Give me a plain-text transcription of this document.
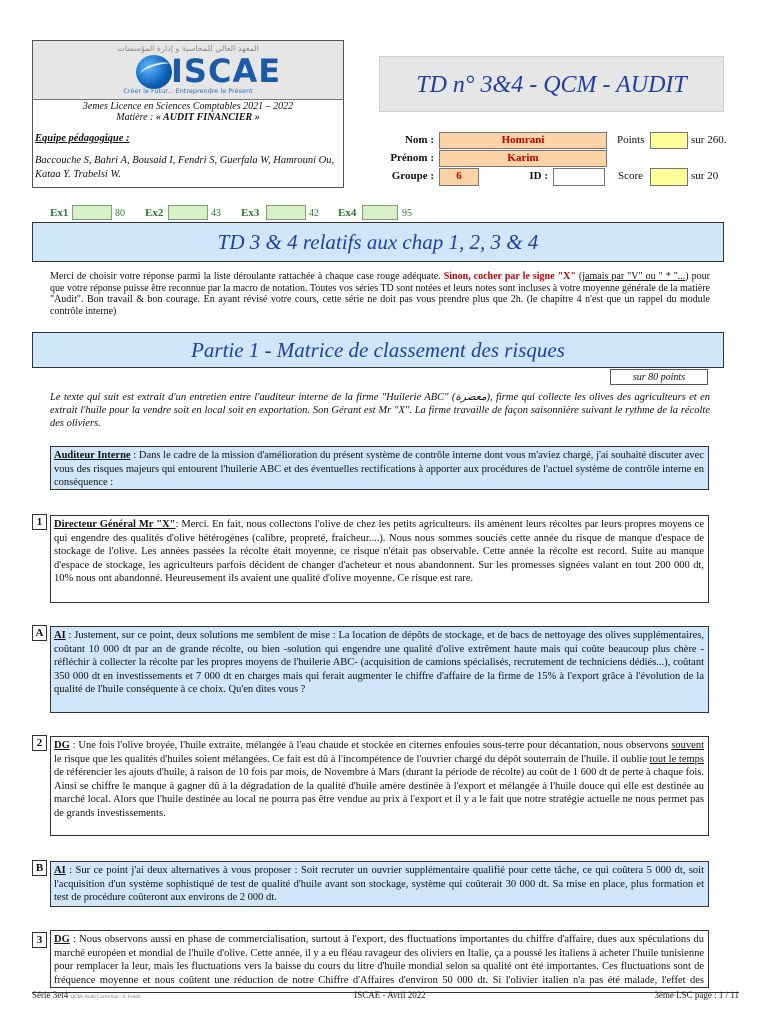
المعهد العالي للمحاسبة و إدارة المؤسسات
ISCAE
Créer le Futur... Entreprendre le Présent
3emes Licence en Sciences Comptables 2021 – 2022
Matière : « AUDIT FINANCIER »
Equipe pédagogique :
Baccouche S, Bahri A, Bousaid I, Fendri S, Guerfala W, Hamrouni Ou, Kataa Y. Trabelsi W.
TD n° 3&4 - QCM - AUDIT
Nom :	Homrani
Prénom :	Karim
Groupe :	6	ID :
Points	sur 260.
Score	sur 20
Ex1	80 Ex2	43 Ex3	42 Ex4	95
TD 3 & 4 relatifs aux chap 1, 2, 3 & 4
Merci de choisir votre réponse parmi la liste déroulante rattachée à chaque case rouge adéquate. Sinon, cocher par le signe "X" (jamais par "V" ou " * "...) pour que votre réponse puisse être reconnue par la macro de notation. Toutes vos séries TD sont notées et leurs notes sont incluses à votre moyenne générale de la matière "Audit". Bon travail & bon courage. En ayant révisé votre cours, cette série ne doit pas vous prendre plus que 2h. (le chapitre 4 n'est que un rappel du module contrôle interne)
Partie 1 - Matrice de classement des risques
sur 80 points
Le texte qui suit est extrait d'un entretien entre l'auditeur interne de la firme "Huilerie ABC" (معصرة), firme qui collecte les olives des agriculteurs et en extrait l'huile pour la vendre soit en local soit en exportation. Son Gérant est Mr "X". La firme travaille de façon saisonnière suivant le rythme de la récolte des oliviers.
Auditeur Interne : Dans le cadre de la mission d'amélioration du présent système de contrôle interne dont vous m'aviez chargé, j'ai souhaité discuter avec vous des risques majeurs qui entourent l'huilerie ABC et des éventuelles rectifications à apporter aux procédures de l'actuel système de contrôle interne en conséquence :
1	Directeur Général Mr "X": Merci. En fait, nous collectons l'olive de chez les petits agriculteurs. ils amènent leurs récoltes par leurs propres moyens ce qui engendre des qualités d'olive hétérogènes (calibre, propreté, fraicheur....). Nous nous sommes souciés cette année du risque de manque d'espace de stockage de l'olive. Les années passées la récolte était moyenne, ce risque n'était pas observable. Cette année la récolte est record. Suite au manque d'espace de stockage, les agriculteurs parfois décident de changer d'acheteur et nous abandonnent. Sur les promesses signées valant en tout 200 000 dt, 10% nous ont abandonné. Heureusement ils avaient une qualité d'olive moyenne. Ce risque est rare.
A	AI : Justement, sur ce point, deux solutions me semblent de mise : La location de dépôts de stockage, et de bacs de nettoyage des olives supplémentaires, coûtant 10 000 dt par an de grande récolte, ou bien -solution qui engendre une qualité d'olive extrêment haute mais qui coûte beaucoup plus chère - réfléchir à collecter la récolte par les propres moyens de l'huilerie ABC- (acquisition de camions spécialisés, recrutement de techniciens dédiés...), coûtant 350 000 dt en investissements et 7 000 dt en charges mais qui ferait augmenter le chiffre d'affaire de la firme de 15% à l'export grâce à l'évolution de la qualité de l'huile conséquente à ce choix. Qu'en dites vous ?
2	DG : Une fois l'olive broyée, l'huile extraite, mélangée à l'eau chaude et stockée en citernes enfouies sous-terre pour décantation, nous observons souvent le risque que les qualités d'huiles soient mélangées. Ce fait est dû à l'incompétence de l'ouvrier chargé du dépôt souterrain de l'huile. il oublie tout le temps de référencier les ajouts d'huile, à raison de 10 fois par mois, de Novembre à Mars (durant la période de récolte) au coût de 1 600 dt de perte à chaque fois. Ainsi se chiffre le manque à gagner dû à la dégradation de la qualité d'huile amère destinée à l'export et mélangée à l'huile douce qui elle est destinée au marché local. Alors que l'huile destinée au local ne pourra pas être vendue au prix à l'export et il y a le fait que notre stratégie actuelle ne nous permet pas de grands investissements.
B	AI : Sur ce point j'ai deux alternatives à vous proposer : Soit recruter un ouvrier supplémentaire qualifié pour cette tâche, ce qui coûtera 5 000 dt, soit l'acquisition d'un système sophistiqué de test de qualité d'huile avant son stockage, système qui coûterait 30 000 dt. Sa mise en place, plus formation et test de procédure coûteront aux environs de 2 000 dt.
3	DG : Nous observons aussi en phase de commercialisation, surtout à l'export, des fluctuations importantes du chiffre d'affaire, dues aux spéculations du marché européen et mondial de l'huile d'olive. Cette année, il y a eu fléau ravageur des oliviers en Italie, ça a poussé les italiens à acheter l'huile tunisienne pour remplacer la leur, mais les fluctuations vers la baisse du cours du litre d'huile mondial selon sa qualité ont été importantes. Ces fluctuations sont de fréquence moyenne et nous coûtent une réduction de notre Chiffre d'Affaires d'environ 50 000 dt. Si l'olivier italien n'a pas été malade, l'effet des
Série 3et4 QCM- Audit Correction : S. Fendri	ISCAE - Avril 2022	3ème LSC page : 1 / 11
